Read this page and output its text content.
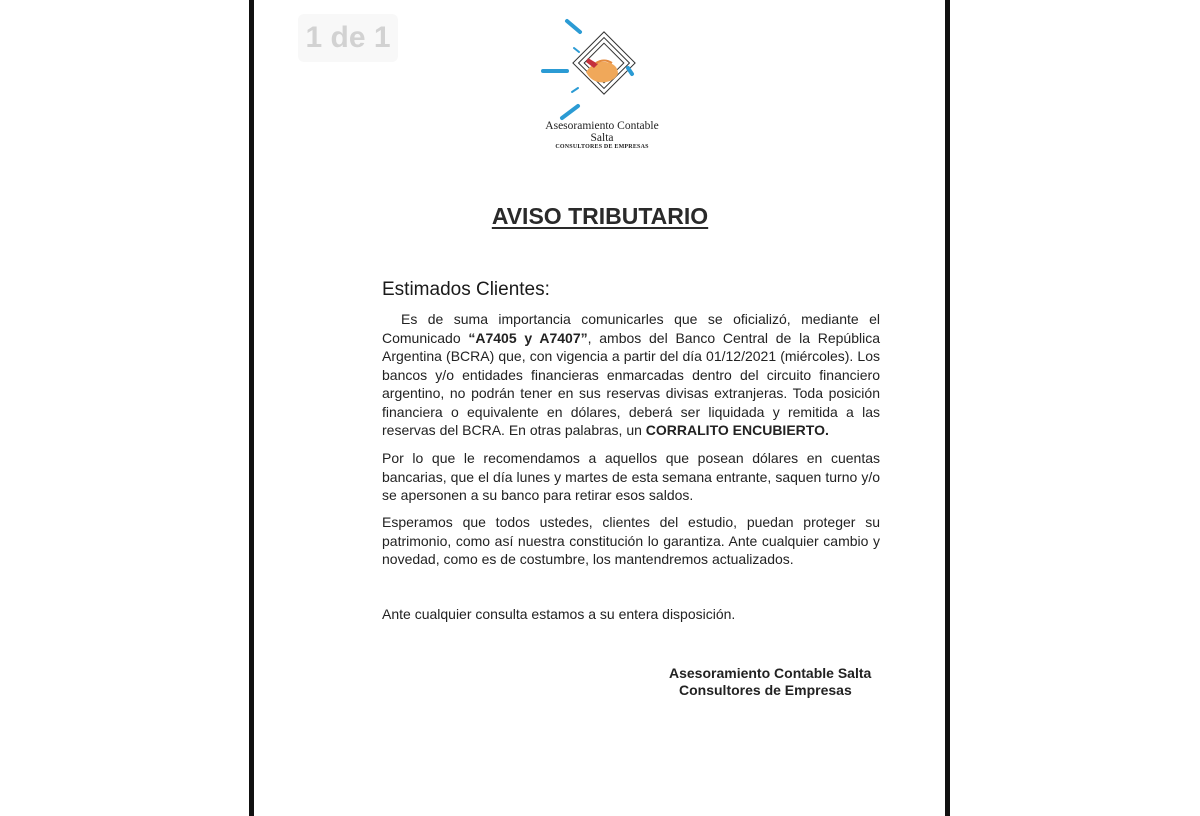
1 de 1
Asesoramiento Contable
Salta
CONSULTORES DE EMPRESAS
AVISO TRIBUTARIO
Estimados Clientes:

Es de suma importancia comunicarles que se oficializó, mediante el Comunicado “A7405 y A7407”, ambos del Banco Central de la República Argentina (BCRA) que, con vigencia a partir del día 01/12/2021 (miércoles). Los bancos y/o entidades financieras enmarcadas dentro del circuito financiero argentino, no podrán tener en sus reservas divisas extranjeras. Toda posición financiera o equivalente en dólares, deberá ser liquidada y remitida a las reservas del BCRA. En otras palabras, un CORRALITO ENCUBIERTO.

Por lo que le recomendamos a aquellos que posean dólares en cuentas bancarias, que el día lunes y martes de esta semana entrante, saquen turno y/o se apersonen a su banco para retirar esos saldos.

Esperamos que todos ustedes, clientes del estudio, puedan proteger su patrimonio, como así nuestra constitución lo garantiza. Ante cualquier cambio y novedad, como es de costumbre, los mantendremos actualizados.

Ante cualquier consulta estamos a su entera disposición.

Asesoramiento Contable Salta
Consultores de Empresas
